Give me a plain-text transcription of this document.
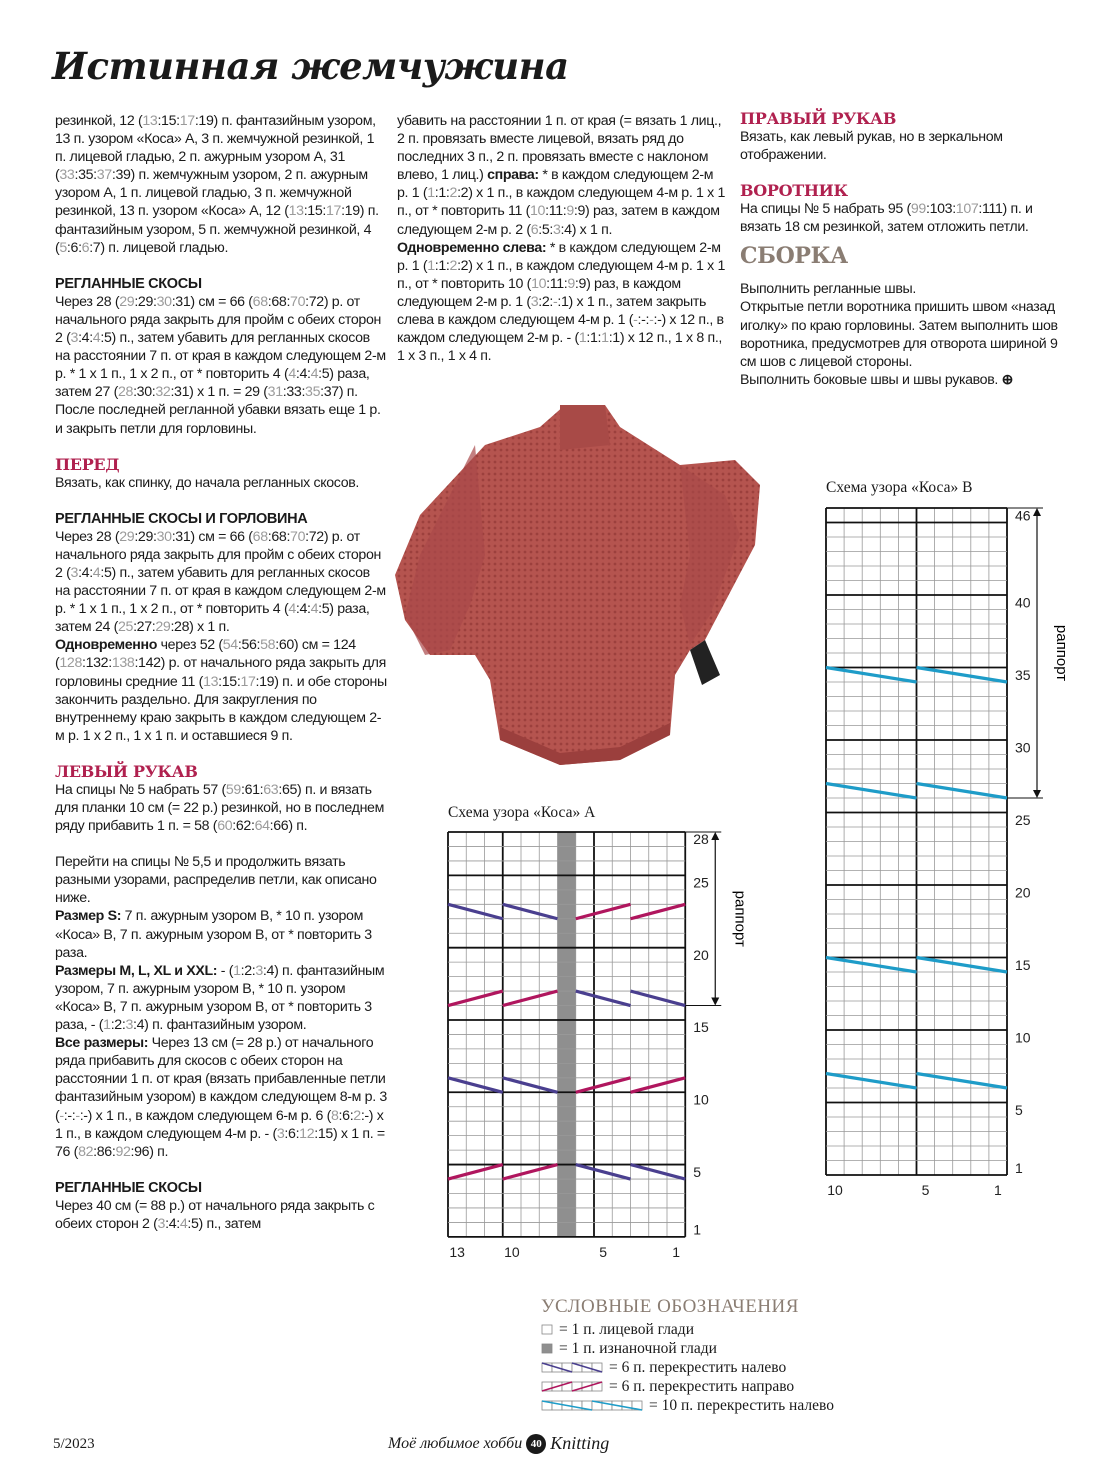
Истинная жемчужина

резинкой, 12 (13:15:17:19) п. фантазийным узором, 13 п. узором «Коса» А, 3 п. жемчужной резинкой, 1 п. лицевой гладью, 2 п. ажурным узором А, 31 (33:35:37:39) п. жемчужным узором, 2 п. ажурным узором А, 1 п. лицевой гладью, 3 п. жемчужной резинкой, 13 п. узором «Коса» А, 12 (13:15:17:19) п. фантазийным узором, 5 п. жемчужной резинкой, 4 (5:6:6:7) п. лицевой гладью.

РЕГЛАННЫЕ СКОСЫ

Через 28 (29:29:30:31) см = 66 (68:68:70:72) р. от начального ряда закрыть для пройм с обеих сторон 2 (3:4:4:5) п., затем убавить для регланных скосов на расстоянии 7 п. от края в каждом следующем 2-м р. * 1 х 1 п., 1 х 2 п., от * повторить 4 (4:4:4:5) раза, затем 27 (28:30:32:31) х 1 п. = 29 (31:33:35:37) п.

После последней регланной убавки вязать еще 1 р. и закрыть петли для горловины.

ПЕРЕД

Вязать, как спинку, до начала регланных скосов.

РЕГЛАННЫЕ СКОСЫ И ГОРЛОВИНА

Через 28 (29:29:30:31) см = 66 (68:68:70:72) р. от начального ряда закрыть для пройм с обеих сторон 2 (3:4:4:5) п., затем убавить для регланных скосов на расстоянии 7 п. от края в каждом следующем 2-м р. * 1 х 1 п., 1 х 2 п., от * повторить 4 (4:4:4:5) раза, затем 24 (25:27:29:28) х 1 п.

Одновременно через 52 (54:56:58:60) см = 124 (128:132:138:142) р. от начального ряда закрыть для горловины средние 11 (13:15:17:19) п. и обе стороны закончить раздельно. Для закругления по внутреннему краю закрыть в каждом следующем 2-м р. 1 х 2 п., 1 х 1 п. и оставшиеся 9 п.

ЛЕВЫЙ РУКАВ

На спицы № 5 набрать 57 (59:61:63:65) п. и вязать для планки 10 см (= 22 р.) резинкой, но в последнем ряду прибавить 1 п. = 58 (60:62:64:66) п.

Перейти на спицы № 5,5 и продолжить вязать разными узорами, распределив петли, как описано ниже.

Размер S: 7 п. ажурным узором В, * 10 п. узором «Коса» В, 7 п. ажурным узором В, от * повторить 3 раза.

Размеры M, L, XL и XXL: - (1:2:3:4) п. фантазийным узором, 7 п. ажурным узором В, * 10 п. узором «Коса» В, 7 п. ажурным узором В, от * повторить 3 раза, - (1:2:3:4) п. фантазийным узором.

Все размеры: Через 13 см (= 28 р.) от начального ряда прибавить для скосов с обеих сторон на расстоянии 1 п. от края (вязать прибавленные петли фантазийным узором) в каждом следующем 8-м р. 3 (-:-:-:-) х 1 п., в каждом следующем 6-м р. 6 (8:6:2:-) х 1 п., в каждом следующем 4-м р. - (3:6:12:15) х 1 п. = 76 (82:86:92:96) п.

РЕГЛАННЫЕ СКОСЫ

Через 40 см (= 88 р.) от начального ряда закрыть с обеих сторон 2 (3:4:4:5) п., затем

убавить на расстоянии 1 п. от края (= вязать 1 лиц., 2 п. провязать вместе лицевой, вязать ряд до последних 3 п., 2 п. провязать вместе с наклоном влево, 1 лиц.) справа: * в каждом следующем 2-м р. 1 (1:1:2:2) х 1 п., в каждом следующем 4-м р. 1 х 1 п., от * повторить 11 (10:11:9:9) раз, затем в каждом следующем 2-м р. 2 (6:5:3:4) х 1 п.

Одновременно слева: * в каждом следующем 2-м р. 1 (1:1:2:2) х 1 п., в каждом следующем 4-м р. 1 х 1 п., от * повторить 10 (10:11:9:9) раз, в каждом следующем 2-м р. 1 (3:2:-:1) х 1 п., затем закрыть слева в каждом следующем 4-м р. 1 (-:-:-:-) х 12 п., в каждом следующем 2-м р. - (1:1:1:1) х 12 п., 1 х 8 п., 1 х 3 п., 1 х 4 п.

ПРАВЫЙ РУКАВ

Вязать, как левый рукав, но в зеркальном отображении.

ВОРОТНИК

На спицы № 5 набрать 95 (99:103:107:111) п. и вязать 18 см резинкой, затем отложить петли.

СБОРКА

Выполнить регланные швы.

Открытые петли воротника пришить швом «назад иголку» по краю горловины. Затем выполнить шов воротника, предусмотрев для отворота шириной 9 см шов с лицевой стороны.

Выполнить боковые швы и швы рукавов. ⊕

Схема узора «Коса» А
28
25
20
15
10
5
1
13	10	5	1
раппорт
Схема узора «Коса» В
46
40
35
30
25
20
15
10
5
1
10	5	1
раппорт
УСЛОВНЫЕ ОБОЗНАЧЕНИЯ
= 1 п. лицевой глади
= 1 п. изнаночной глади
= 6 п. перекрестить налево
= 6 п. перекрестить направо
= 10 п. перекрестить налево
5/2023	Моё любимое хобби 40 Knitting
